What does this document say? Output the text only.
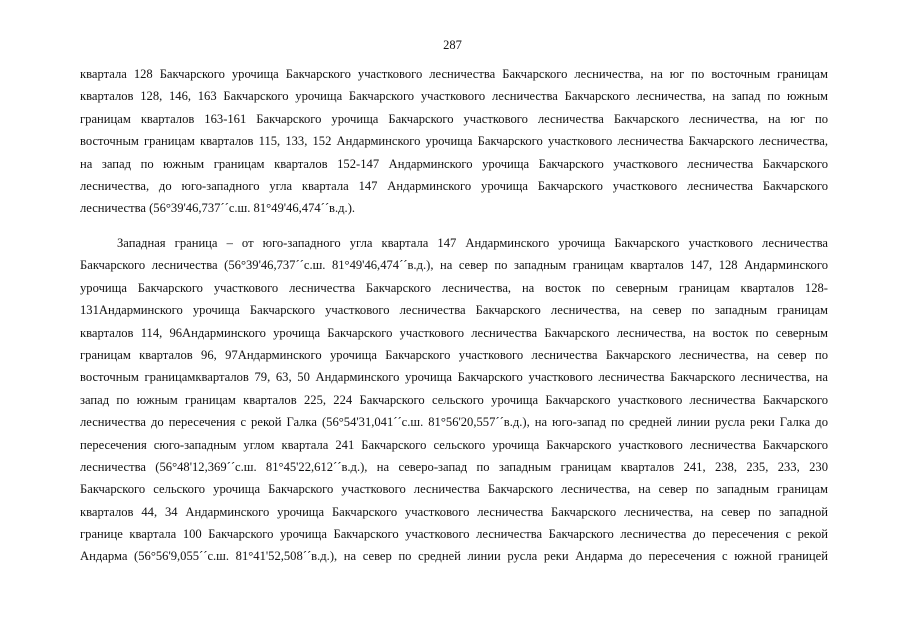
287
квартала 128 Бакчарского урочища Бакчарского участкового лесничества Бакчарского лесничества, на юг по восточным границам
кварталов 128, 146, 163 Бакчарского урочища Бакчарского участкового лесничества Бакчарского лесничества, на запад по южным
границам кварталов 163-161 Бакчарского урочища Бакчарского участкового лесничества Бакчарского лесничества, на юг по
восточным границам кварталов 115, 133, 152 Андарминского урочища Бакчарского участкового лесничества Бакчарского лесничества,
на запад по южным границам кварталов 152-147 Андарминского урочища Бакчарского участкового лесничества Бакчарского
лесничества, до юго-западного угла квартала 147 Андарминского урочища Бакчарского участкового лесничества Бакчарского
лесничества (56°39'46,737´´с.ш. 81°49'46,474´´в.д.).
Западная граница – от юго-западного угла квартала 147 Андарминского урочища Бакчарского участкового лесничества
Бакчарского лесничества (56°39'46,737´´с.ш. 81°49'46,474´´в.д.), на север по западным границам кварталов 147, 128 Андарминского
урочища Бакчарского участкового лесничества Бакчарского лесничества, на восток по северным границам кварталов 128-
131Андарминского урочища Бакчарского участкового лесничества Бакчарского лесничества, на север по западным границам
кварталов 114, 96Андарминского урочища Бакчарского участкового лесничества Бакчарского лесничества, на восток по северным
границам кварталов 96, 97Андарминского урочища Бакчарского участкового лесничества Бакчарского лесничества, на север по
восточным границамкварталов 79, 63, 50 Андарминского урочища Бакчарского участкового лесничества Бакчарского лесничества, на
запад по южным границам кварталов 225, 224 Бакчарского сельского урочища Бакчарского участкового лесничества Бакчарского
лесничества до пересечения с рекой Галка (56°54'31,041´´с.ш. 81°56'20,557´´в.д.), на юго-запад по средней линии русла реки Галка до
пересечения сюго-западным углом квартала 241 Бакчарского сельского урочища Бакчарского участкового лесничества Бакчарского
лесничества (56°48'12,369´´с.ш. 81°45'22,612´´в.д.), на северо-запад по западным границам кварталов 241, 238, 235, 233, 230
Бакчарского сельского урочища Бакчарского участкового лесничества Бакчарского лесничества, на север по западным границам
кварталов 44, 34 Андарминского урочища Бакчарского участкового лесничества Бакчарского лесничества, на север по западной
границе квартала 100 Бакчарского урочища Бакчарского участкового лесничества Бакчарского лесничества до пересечения с рекой
Андарма (56°56'9,055´´с.ш. 81°41'52,508´´в.д.), на север по средней линии русла реки Андарма до пересечения с южной границей
